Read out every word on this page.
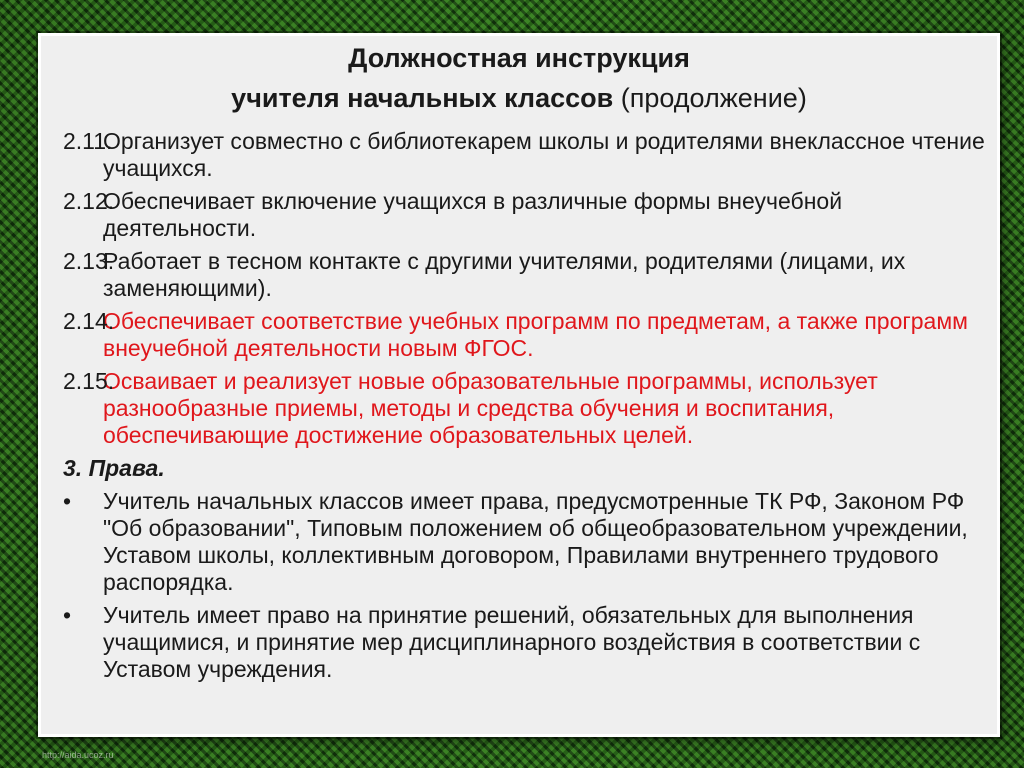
Должностная инструкция
учителя начальных классов (продолжение)
2.11.
Организует совместно с библиотекарем школы и родителями внеклассное чтение учащихся.
2.12.
Обеспечивает включение учащихся в различные формы внеучебной деятельности.
2.13.
Работает в тесном контакте с другими учителями, родителями (лицами, их заменяющими).
2.14.
Обеспечивает соответствие учебных программ по предметам, а также программ внеучебной деятельности новым ФГОС.
2.15.
Осваивает и реализует новые образовательные программы, использует разнообразные приемы, методы и средства обучения и воспитания, обеспечивающие достижение образовательных целей.
3. Права.
•	Учитель начальных классов имеет права, предусмотренные ТК РФ, Законом РФ "Об образовании", Типовым положением об общеобразовательном учреждении, Уставом школы, коллективным договором, Правилами внутреннего трудового распорядка.
•	Учитель имеет право на принятие решений, обязательных для выполнения учащимися, и принятие мер дисциплинарного воздействия в соответствии с Уставом учреждения.
http://aida.ucoz.ru
